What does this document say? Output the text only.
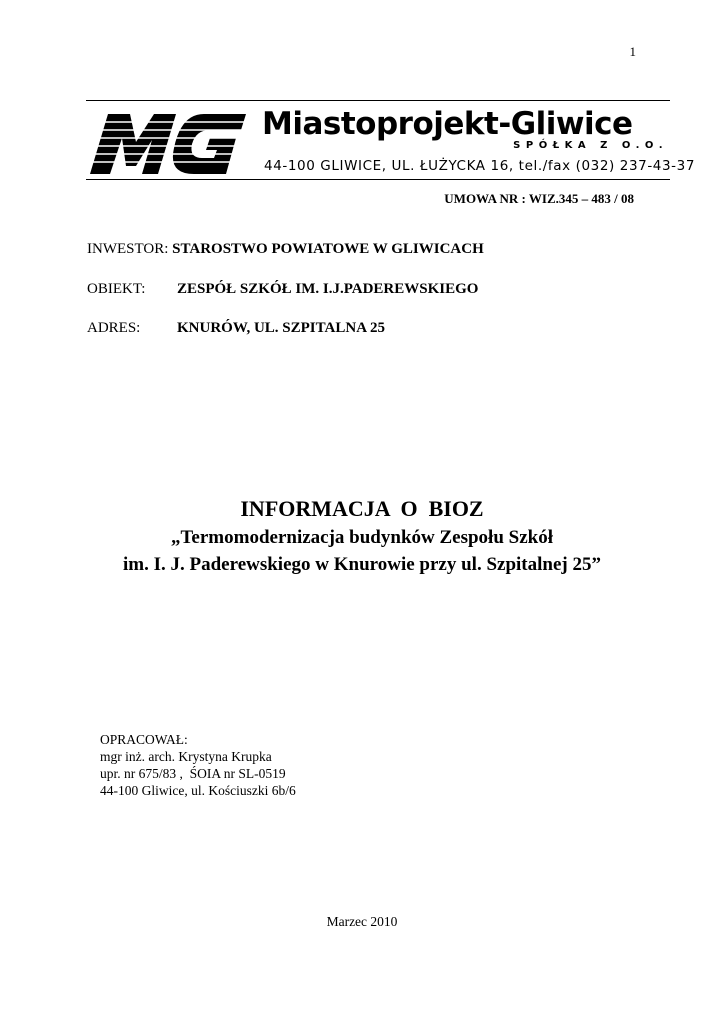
1
Miastoprojekt-Gliwice
SPÓŁKA Z O.O.
44-100 GLIWICE, UL. ŁUŻYCKA 16, tel./fax (032) 237-43-37
UMOWA NR : WIZ.345 – 483 / 08
INWESTOR: STAROSTWO POWIATOWE W GLIWICACH
OBIEKT: ZESPÓŁ SZKÓŁ IM. I.J.PADEREWSKIEGO
ADRES: KNURÓW, UL. SZPITALNA 25
INFORMACJA  O  BIOZ
„Termomodernizacja budynków Zespołu Szkół
im. I. J. Paderewskiego w Knurowie przy ul. Szpitalnej 25”
OPRACOWAŁ:
mgr inż. arch. Krystyna Krupka
upr. nr 675/83 ,  ŚOIA nr SL-0519
44-100 Gliwice, ul. Kościuszki 6b/6
Marzec 2010
